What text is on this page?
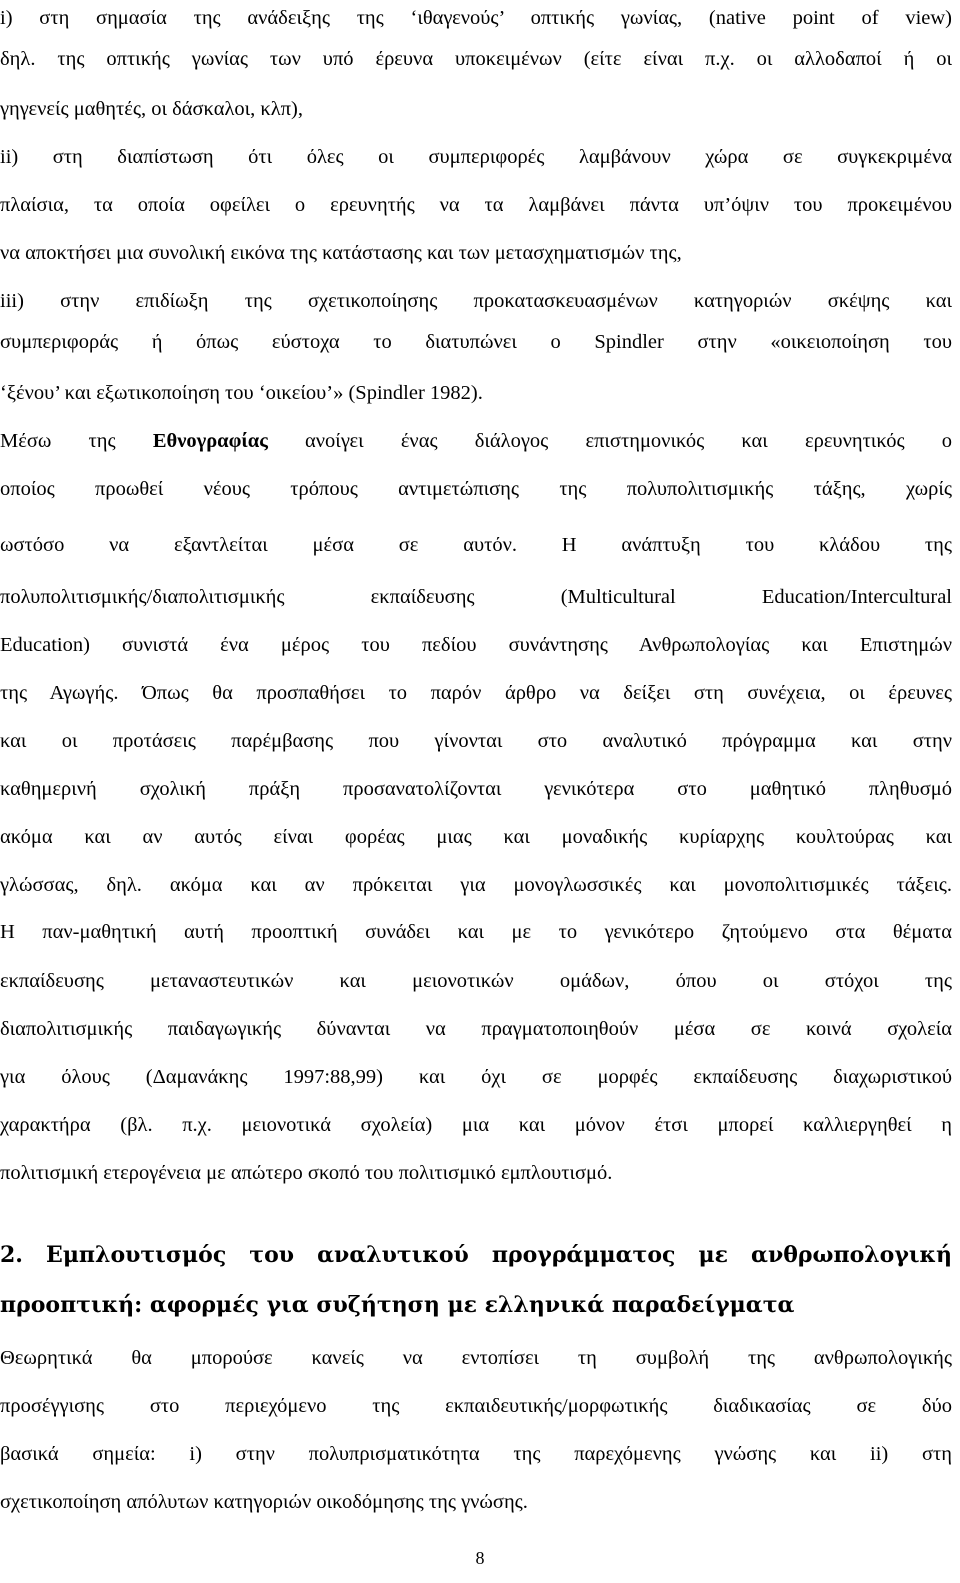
i) στη σημασία της ανάδειξης της ‘ιθαγενούς’ οπτικής γωνίας, (native point of view)
δηλ. της οπτικής γωνίας των υπό έρευνα υποκειμένων (είτε είναι π.χ. οι αλλοδαποί ή οι
γηγενείς μαθητές, οι δάσκαλοι, κλπ),
ii) στη διαπίστωση ότι όλες οι συμπεριφορές λαμβάνουν χώρα σε συγκεκριμένα
πλαίσια, τα οποία οφείλει ο ερευνητής να τα λαμβάνει πάντα υπ’όψιν του προκειμένου
να αποκτήσει μια συνολική εικόνα της κατάστασης και των μετασχηματισμών της,
iii) στην επιδίωξη της σχετικοποίησης προκατασκευασμένων κατηγοριών σκέψης και
συμπεριφοράς ή όπως εύστοχα το διατυπώνει ο Spindler στην «οικειοποίηση του
‘ξένου’ και εξωτικοποίηση του ‘οικείου’» (Spindler 1982).
Μέσω της Εθνογραφίας ανοίγει ένας διάλογος επιστημονικός και ερευνητικός ο
οποίος προωθεί νέους τρόπους αντιμετώπισης της πολυπολιτισμικής τάξης, χωρίς
ωστόσο να εξαντλείται μέσα σε αυτόν. Η ανάπτυξη του κλάδου της
πολυπολιτισμικής/διαπολιτισμικής εκπαίδευσης (Multicultural Education/Intercultural
Education) συνιστά ένα μέρος του πεδίου συνάντησης Ανθρωπολογίας και Επιστημών
της Αγωγής. Όπως θα προσπαθήσει το παρόν άρθρο να δείξει στη συνέχεια, οι έρευνες
και οι προτάσεις παρέμβασης που γίνονται στο αναλυτικό πρόγραμμα και στην
καθημερινή σχολική πράξη προσανατολίζονται γενικότερα στο μαθητικό πληθυσμό
ακόμα και αν αυτός είναι φορέας μιας και μοναδικής κυρίαρχης κουλτούρας και
γλώσσας, δηλ. ακόμα και αν πρόκειται για μονογλωσσικές και μονοπολιτισμικές τάξεις.
Η παν-μαθητική αυτή προοπτική συνάδει και με το γενικότερο ζητούμενο στα θέματα
εκπαίδευσης μεταναστευτικών και μειονοτικών ομάδων, όπου οι στόχοι της
διαπολιτισμικής παιδαγωγικής δύνανται να πραγματοποιηθούν μέσα σε κοινά σχολεία
για όλους (Δαμανάκης 1997:88,99) και όχι σε μορφές εκπαίδευσης διαχωριστικού
χαρακτήρα (βλ. π.χ. μειονοτικά σχολεία) μια και μόνον έτσι μπορεί καλλιεργηθεί η
πολιτισμική ετερογένεια με απώτερο σκοπό του πολιτισμικό εμπλουτισμό.
2. Εμπλουτισμός του αναλυτικού προγράμματος με ανθρωπολογική
προοπτική: αφορμές για συζήτηση με ελληνικά παραδείγματα
Θεωρητικά θα μπορούσε κανείς να εντοπίσει τη συμβολή της ανθρωπολογικής
προσέγγισης στο περιεχόμενο της εκπαιδευτικής/μορφωτικής διαδικασίας σε δύο
βασικά σημεία: i) στην πολυπρισματικότητα της παρεχόμενης γνώσης και ii) στη
σχετικοποίηση απόλυτων κατηγοριών οικοδόμησης της γνώσης.
8
